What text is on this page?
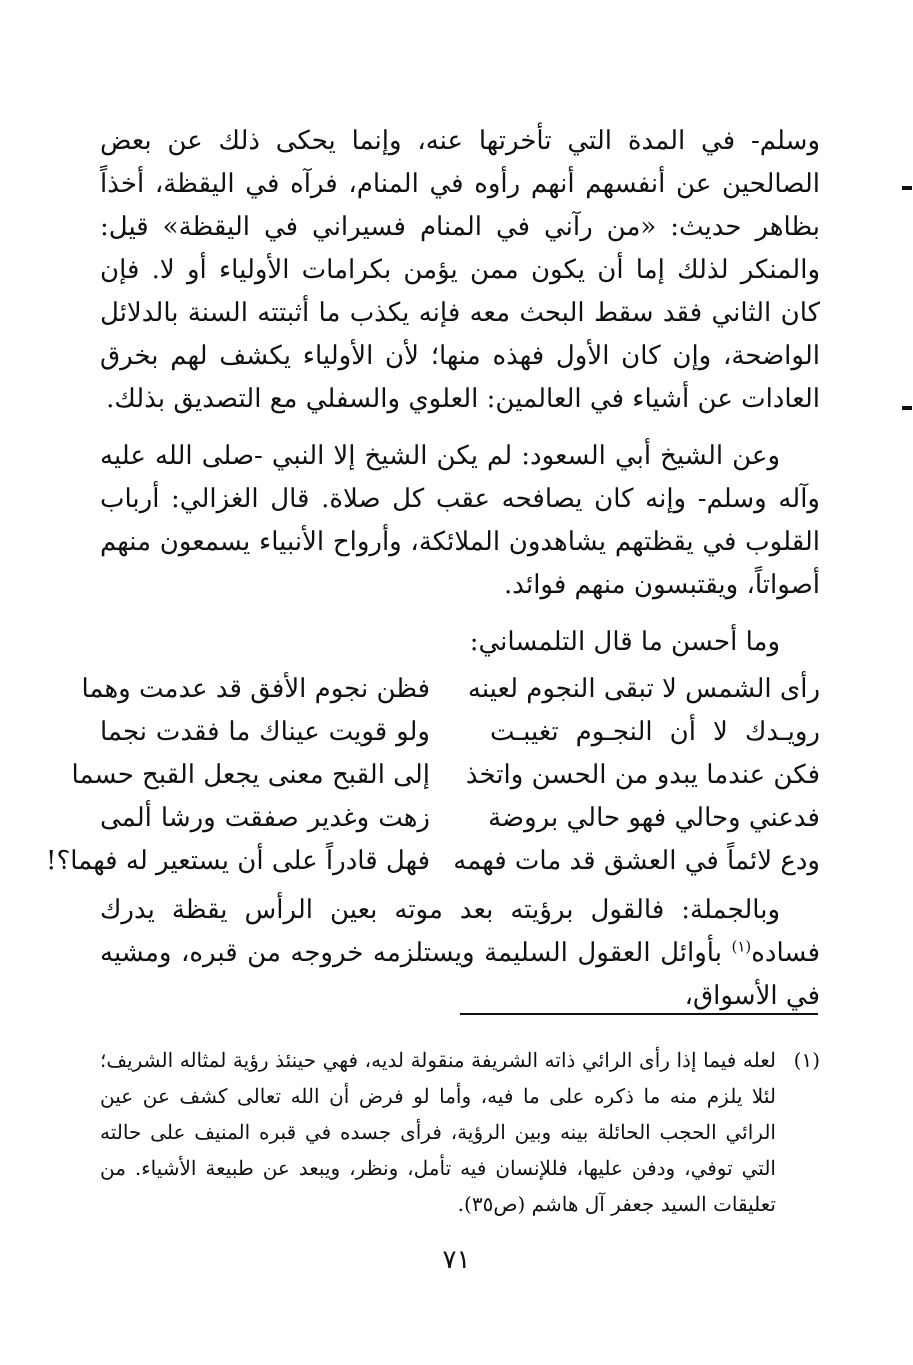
وسلم- في المدة التي تأخرتها عنه، وإنما يحكى ذلك عن بعض الصالحين عن أنفسهم أنهم رأوه في المنام، فرآه في اليقظة، أخذاً بظاهر حديث: «من رآني في المنام فسيراني في اليقظة» قيل: والمنكر لذلك إما أن يكون ممن يؤمن بكرامات الأولياء أو لا. فإن كان الثاني فقد سقط البحث معه فإنه يكذب ما أثبتته السنة بالدلائل الواضحة، وإن كان الأول فهذه منها؛ لأن الأولياء يكشف لهم بخرق العادات عن أشياء في العالمين: العلوي والسفلي مع التصديق بذلك.

وعن الشيخ أبي السعود: لم يكن الشيخ إلا النبي -صلى الله عليه وآله وسلم- وإنه كان يصافحه عقب كل صلاة. قال الغزالي: أرباب القلوب في يقظتهم يشاهدون الملائكة، وأرواح الأنبياء يسمعون منهم أصواتاً، ويقتبسون منهم فوائد.

وما أحسن ما قال التلمساني:

رأى الشمس لا تبقى النجوم لعينه
فظن نجوم الأفق قد عدمت وهما
رويـدك لا أن النجـوم تغيبـت
ولو قويت عيناك ما فقدت نجما
فكن عندما يبدو من الحسن واتخذ
إلى القبح معنى يجعل القبح حسما
فدعني وحالي فهو حالي بروضة
زهت وغدير صفقت ورشا ألمى
ودع لائماً في العشق قد مات فهمه
فهل قادراً على أن يستعير له فهما؟!

وبالجملة: فالقول برؤيته بعد موته بعين الرأس يقظة يدرك فساده$^{(١)}$ بأوائل العقول السليمة ويستلزمه خروجه من قبره، ومشيه في الأسواق،

(١)
لعله فيما إذا رأى الرائي ذاته الشريفة منقولة لديه، فهي حينئذ رؤية لمثاله الشريف؛ لئلا يلزم منه ما ذكره على ما فيه، وأما لو فرض أن الله تعالى كشف عن عين الرائي الحجب الحائلة بينه وبين الرؤية، فرأى جسده في قبره المنيف على حالته التي توفي، ودفن عليها، فللإنسان فيه تأمل، ونظر، ويبعد عن طبيعة الأشياء. من تعليقات السيد جعفر آل هاشم (ص٣٥).
٧١
